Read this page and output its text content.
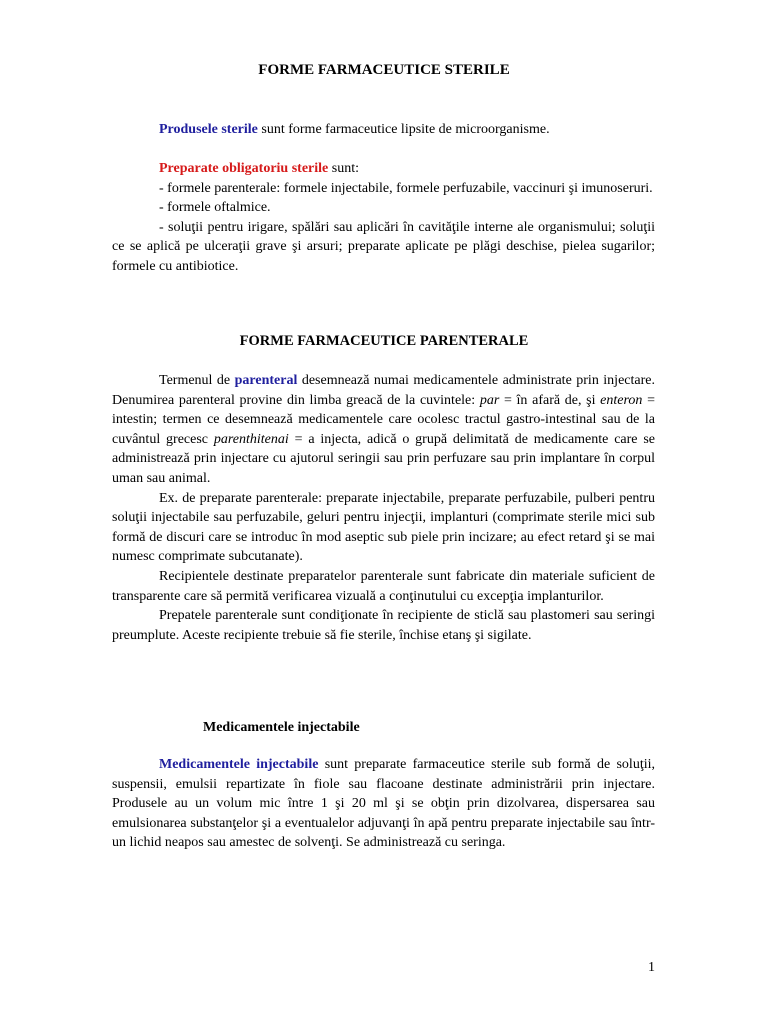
FORME FARMACEUTICE STERILE

Produsele sterile sunt forme farmaceutice lipsite de microorganisme.

Preparate obligatoriu sterile sunt:

- formele parenterale: formele injectabile, formele perfuzabile, vaccinuri şi imunoseruri.

- formele oftalmice.

- soluţii pentru irigare, spălări sau aplicări în cavităţile interne ale organismului; soluţii ce se aplică pe ulceraţii grave şi arsuri; preparate aplicate pe plăgi deschise, pielea sugarilor; formele cu antibiotice.

FORME FARMACEUTICE PARENTERALE

Termenul de parenteral desemnează numai medicamentele administrate prin injectare. Denumirea parenteral provine din limba greacă de la cuvintele: par = în afară de, şi enteron = intestin; termen ce desemnează medicamentele care ocolesc tractul gastro-intestinal sau de la cuvântul grecesc parenthitenai = a injecta, adică o grupă delimitată de medicamente care se administrează prin injectare cu ajutorul seringii sau prin perfuzare sau prin implantare în corpul uman sau animal.

Ex. de preparate parenterale: preparate injectabile, preparate perfuzabile, pulberi pentru soluţii injectabile sau perfuzabile, geluri pentru injecţii, implanturi (comprimate sterile mici sub formă de discuri care se introduc în mod aseptic sub piele prin incizare; au efect retard şi se mai numesc comprimate subcutanate).

Recipientele destinate preparatelor parenterale sunt fabricate din materiale suficient de transparente care să permită verificarea vizuală a conţinutului cu excepţia implanturilor.

Prepatele parenterale sunt condiţionate în recipiente de sticlă sau plastomeri sau seringi preumplute. Aceste recipiente trebuie să fie sterile, închise etanş şi sigilate.

Medicamentele injectabile

Medicamentele injectabile sunt preparate farmaceutice sterile sub formă de soluţii, suspensii, emulsii repartizate în fiole sau flacoane destinate administrării prin injectare. Produsele au un volum mic între 1 şi 20 ml şi se obţin prin dizolvarea, dispersarea sau emulsionarea substanţelor şi a eventualelor adjuvanţi în apă pentru preparate injectabile sau într-un lichid neapos sau amestec de solvenţi. Se administrează cu seringa.

1
